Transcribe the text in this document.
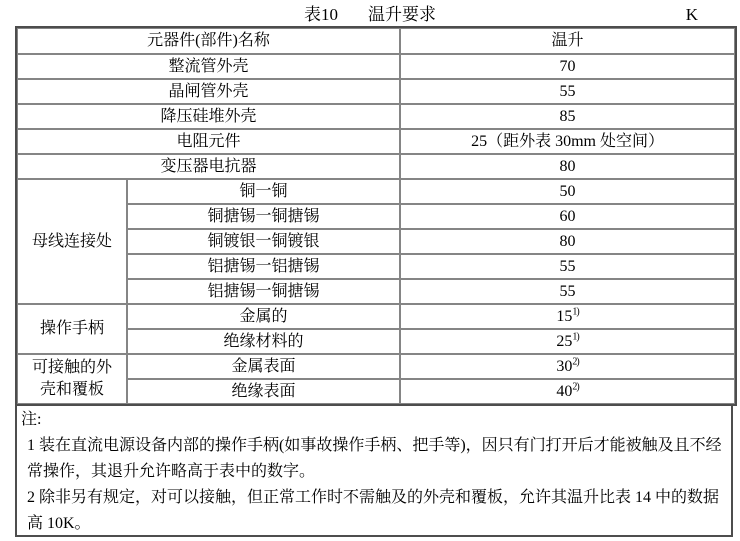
表10 温升要求	K
元器件(部件)名称		温升
整流管外壳		70
晶闸管外壳		55
降压硅堆外壳		85
电阻元件		25（距外表 30mm 处空间）
变压器电抗器		80
母线连接处	铜一铜	50
	铜搪锡一铜搪锡	60
	铜镀银一铜镀银	80
	铝搪锡一铝搪锡	55
	铝搪锡一铜搪锡	55
操作手柄	金属的	15$^{1)}$
	绝缘材料的	25$^{1)}$
可接触的外壳和覆板	金属表面	30$^{2)}$
	绝缘表面	40$^{2)}$
注:

1 装在直流电源设备内部的操作手柄(如事故操作手柄、把手等)，因只有门打开后才能被触及且不经常操作，其退升允许略高于表中的数字。

2 除非另有规定，对可以接触，但正常工作时不需触及的外壳和覆板，允许其温升比表 14 中的数据高 10K。
